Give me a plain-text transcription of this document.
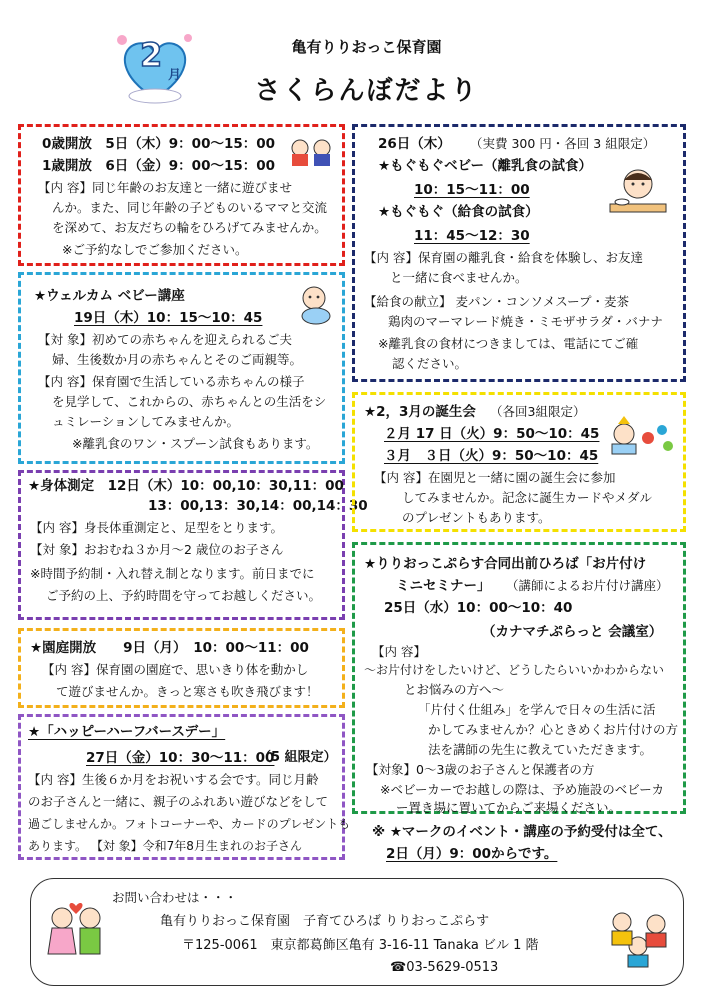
2
月
亀有りりおっこ保育園
さくらんぼだより
0歳開放　5日（木）9：00～15：00
1歳開放　6日（金）9：00～15：00
【内 容】同じ年齢のお友達と一緒に遊びませ
んか。また、同じ年齢の子どものいるママと交流
を深めて、お友だちの輪をひろげてみませんか。
※ご予約なしでご参加ください。
★ウェルカム ベビー講座
19日（木）10：15～10：45
【対 象】初めての赤ちゃんを迎えられるご夫
婦、生後数か月の赤ちゃんとそのご両親等。
【内 容】保育園で生活している赤ちゃんの様子
を見学して、これからの、赤ちゃんとの生活をシ
ュミレーションしてみませんか。
※離乳食のワン・スプーン試食もあります。
★身体測定　12日（木）10：00,10：30,11：00
13：00,13：30,14：00,14：30
【内 容】身長体重測定と、足型をとります。
【対 象】おおむね３か月～2 歳位のお子さん
※時間予約制・入れ替え制となります。前日までに
ご予約の上、予約時間を守ってお越しください。
★園庭開放　　9日（月）　10：00～11：00
【内 容】保育園の園庭で、思いきり体を動かし
て遊びませんか。きっと寒さも吹き飛びます！
★「ハッピーハーフバースデー」
27日（金）10：30～11：00
（5 組限定）
【内 容】生後６か月をお祝いする会です。同じ月齢
のお子さんと一緒に、親子のふれあい遊びなどをして
過ごしませんか。フォトコーナーや、カードのプレゼントも
あります。 【対 象】令和7年8月生まれのお子さん
26日（木） （実費 300 円・各回 3 組限定）
★もぐもぐベビー（離乳食の試食）
10：15～11：00
★もぐもぐ（給食の試食）
11：45～12：30
【内 容】保育園の離乳食・給食を体験し、お友達
と一緒に食べませんか。
【給食の献立】 麦パン・コンソメスープ・麦茶
鶏肉のマーマレード焼き・ミモザサラダ・バナナ
※離乳食の食材につきましては、電話にてご確
認ください。
★2，3月の誕生会 （各回3組限定）
２月 17 日（火）9：50～10：45
３月　３日（火）9：50～10：45
【内 容】在園児と一緒に園の誕生会に参加
してみませんか。記念に誕生カードやメダル
のプレゼントもあります。
★りりおっこぷらす合同出前ひろば「お片付け
ミニセミナー」 （講師によるお片付け講座）
25日（水）10：00～10：40
（カナマチぷらっと 会議室）
【内 容】
～お片付けをしたいけど、どうしたらいいかわからない
とお悩みの方へ～
「片付く仕組み」を学んで日々の生活に活
かしてみませんか？心ときめくお片付けの方
法を講師の先生に教えていただきます。
【対象】0～3歳のお子さんと保護者の方
※ベビーカーでお越しの際は、予め施設のベビーカ
ー置き場に置いてからご来場ください。
※ ★マークのイベント・講座の予約受付は全て、
2日（月）9：00からです。
お問い合わせは・・・
亀有りりおっこ保育園　子育てひろば りりおっこぷらす
〒125-0061　東京都葛飾区亀有 3-16-11 Tanaka ビル 1 階
☎03-5629-0513
